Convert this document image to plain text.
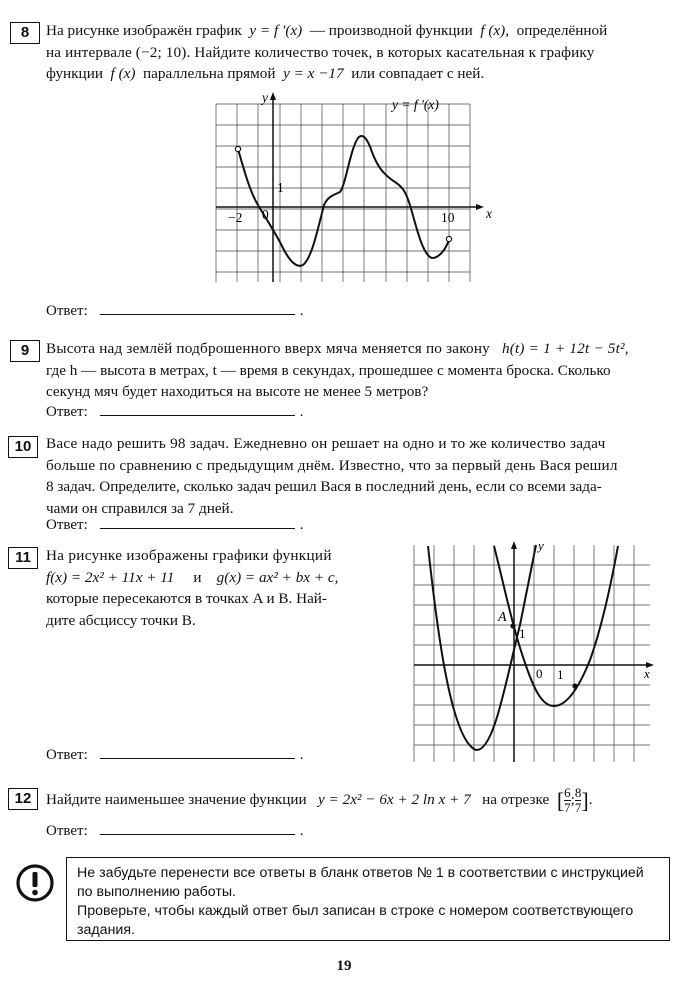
8	На рисунке изображён график y = f ′(x) — производной функции f (x), определённой
на интервале (−2; 10). Найдите количество точек, в которых касательная к графику
функции f (x) параллельна прямой y = x −17 или совпадает с ней.
y = f ′(x)
y
x
−2 0
1
10
Ответ:	.
9	Высота над землёй подброшенного вверх мяча меняется по закону h(t) = 1 + 12t − 5t²,
где h — высота в метрах, t — время в секундах, прошедшее с момента броска. Сколько
секунд мяч будет находиться на высоте не менее 5 метров?
Ответ:	.
10 Васе надо решить 98 задач. Ежедневно он решает на одно и то же количество задач
больше по сравнению с предыдущим днём. Известно, что за первый день Вася решил
8 задач. Определите, сколько задач решил Вася в последний день, если со всеми зада-
чами он справился за 7 дней.
Ответ:	.
11 На рисунке изображены графики функций
f(x) = 2x² + 11x + 11 и g(x) = ax² + bx + c,
которые пересекаются в точках A и B. Най-
дите абсциссу точки B.	A
x
y
0 1
1
Ответ:	.
12 Найдите наименьшее значение функции y = 2x² − 6x + 2 ln x + 7 на отрезке [ $\frac{6}{7}$ ; $\frac{8}{7}$ ].
Ответ:	.
Не забудьте перенести все ответы в бланк ответов № 1 в соответствии с инструкцией
по выполнению работы.
Проверьте, чтобы каждый ответ был записан в строке с номером соответствующего
задания.
19
